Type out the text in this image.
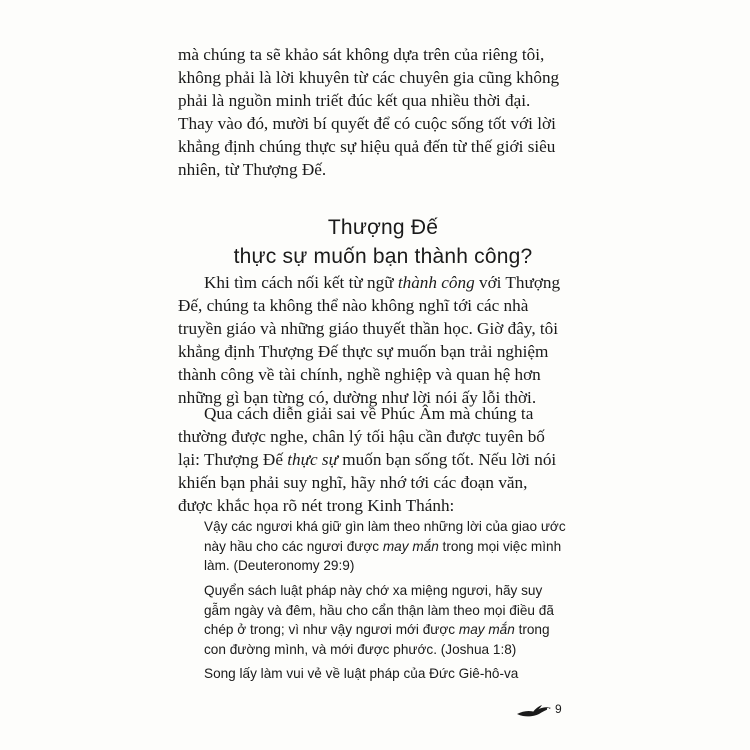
mà chúng ta sẽ khảo sát không dựa trên của riêng tôi,
không phải là lời khuyên từ các chuyên gia cũng không
phải là nguồn minh triết đúc kết qua nhiều thời đại.
Thay vào đó, mười bí quyết để có cuộc sống tốt với lời
khẳng định chúng thực sự hiệu quả đến từ thế giới siêu
nhiên, từ Thượng Đế.

Thượng Đế
thực sự muốn bạn thành công?

Khi tìm cách nối kết từ ngữ thành công với Thượng
Đế, chúng ta không thể nào không nghĩ tới các nhà
truyền giáo và những giáo thuyết thần học. Giờ đây, tôi
khẳng định Thượng Đế thực sự muốn bạn trải nghiệm
thành công về tài chính, nghề nghiệp và quan hệ hơn
những gì bạn từng có, dường như lời nói ấy lỗi thời.

Qua cách diễn giải sai về Phúc Âm mà chúng ta
thường được nghe, chân lý tối hậu cần được tuyên bố
lại: Thượng Đế thực sự muốn bạn sống tốt. Nếu lời nói
khiến bạn phải suy nghĩ, hãy nhớ tới các đoạn văn,
được khắc họa rõ nét trong Kinh Thánh:

Vậy các ngươi khá giữ gìn làm theo những lời của giao ước
này hầu cho các ngươi được may mắn trong mọi việc mình
làm. (Deuteronomy 29:9)

Quyển sách luật pháp này chớ xa miệng ngươi, hãy suy
gẫm ngày và đêm, hầu cho cẩn thận làm theo mọi điều đã
chép ở trong; vì như vậy ngươi mới được may mắn trong
con đường mình, và mới được phước. (Joshua 1:8)

Song lấy làm vui vẻ về luật pháp của Đức Giê-hô-va

9
